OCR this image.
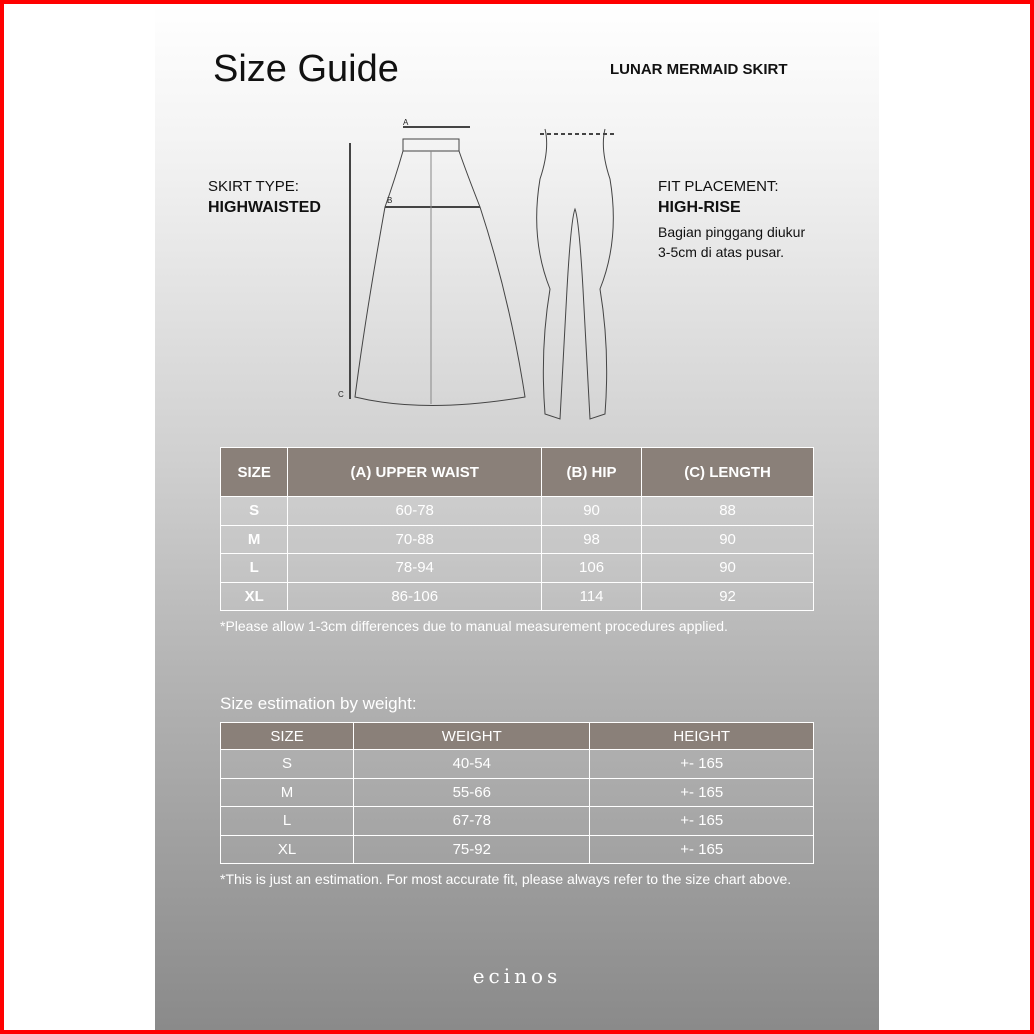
Size Guide	LUNAR MERMAID SKIRT
SKIRT TYPE:
HIGHWAISTED
FIT PLACEMENT:
HIGH-RISE
Bagian pinggang diukur
3-5cm di atas pusar.
A
B
C
SIZE	(A) UPPER WAIST	(B) HIP	(C) LENGTH
S	60-78	90	88
M	70-88	98	90
L	78-94	106	90
XL	86-106	114	92
*Please allow 1-3cm differences due to manual measurement procedures applied.
Size estimation by weight:
SIZE	WEIGHT	HEIGHT
S	40-54	+- 165
M	55-66	+- 165
L	67-78	+- 165
XL	75-92	+- 165
*This is just an estimation. For most accurate fit, please always refer to the size chart above.
ecinos
